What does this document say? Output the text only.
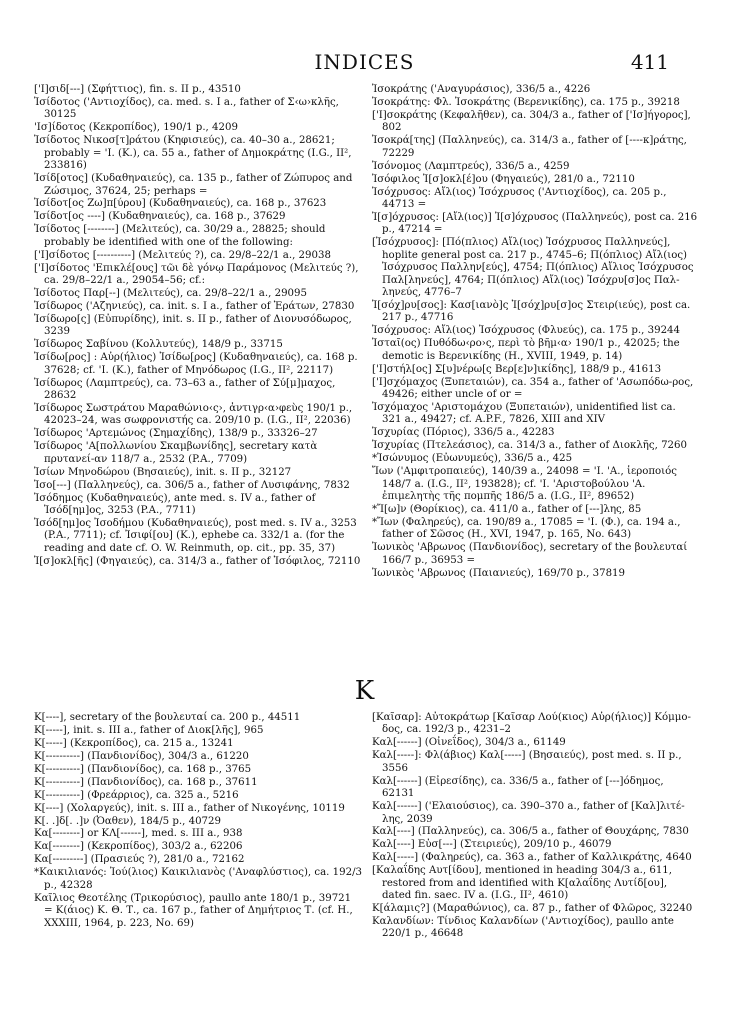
INDICES	411
['Ι]σιδ[---] (Σφήττιος), fin. s. II p., 43510
Ἰσίδοτος ('Αντιοχίδος), ca. med. s. I a., father of Σ‹ω›κλῆς, 30125
'Ισ]ίδοτος (Κεκροπίδος), 190/1 p., 4209
Ἰσίδοτος Νικοσ[τ]ράτου (Κηφισιεύς), ca. 40–30 a., 28621; probably = 'Ι. (Κ.), ca. 55 a., father of Δημοκράτης (I.G., II², 233816)
Ἰσίδ[οτος] (Κυδαθηναιεύς), ca. 135 p., father of Ζώπυρος and Ζώσιμος, 37624, 25; perhaps =
Ἰσίδοτ[ος Ζω]π[ύρου] (Κυδαθηναιεύς), ca. 168 p., 37623
Ἰσίδοτ[ος ----] (Κυδαθηναιεύς), ca. 168 p., 37629
Ἰσίδοτος [--------] (Μελιτεύς), ca. 30/29 a., 28825; should probably be identified with one of the following:
['Ι]σίδοτος [----------] (Μελιτεύς ?), ca. 29/8–22/1 a., 29038
['Ι]σίδοτος 'Επικλέ[ους] τῶι δὲ γόνῳ Παράμονος (Μελιτεύς ?), ca. 29/8–22/1 a., 29054–56; cf.:
Ἰσίδοτος Παρ[--] (Μελιτεύς), ca. 29/8–22/1 a., 29095
Ἰσίδωρος ('Αζηνιεύς), ca. init. s. I a., father of Ἐράτων, 27830
Ἰσίδωρο[ς] (Εὐπυρίδης), init. s. II p., father of Διονυσόδωρος, 3239
Ἰσίδωρος Σαβίνου (Κολλυτεύς), 148/9 p., 33715
Ἰσίδω[ρος] : Αὐρ(ήλιος) Ἰσίδω[ρος] (Κυδαθηναιεύς), ca. 168 p. 37628; cf. 'Ι. (Κ.), father of Μηνόδωρος (I.G., II², 22117)
Ἰσίδωρος (Λαμπτρεύς), ca. 73–63 a., father of Σύ[μ]μαχος, 28632
Ἰσίδωρος Σωστράτου Μαραθώνιο‹ς›, ἀντιγρ‹α›φεὺς 190/1 p., 42023–24, was σωφρονιστής ca. 209/10 p. (I.G., II², 22036)
Ἰσίδωρος 'Αρτεμώνος (Σημαχίδης), 138/9 p., 33326–27
Ἰσίδωρος 'Α[πολλωνίου Σκαμβωνίδης], secretary κατὰ πρυτανεί-αν 118/7 a., 2532 (P.A., 7709)
Ἰσίων Μηνοδώρου (Βησαιεύς), init. s. II p., 32127
Ἰσο[---] (Παλληνεύς), ca. 306/5 a., father of Λυσιφάνης, 7832
Ἰσόδημος (Κυδαθηναιεύς), ante med. s. IV a., father of Ἰσόδ[ημ]ος, 3253 (P.A., 7711)
Ἰσόδ[ημ]ος Ἰσοδήμου (Κυδαθηναιεύς), post med. s. IV a., 3253 (P.A., 7711); cf. Ἰσιφί[ου] (Κ.), ephebe ca. 332/1 a. (for the reading and date cf. O. W. Reinmuth, op. cit., pp. 35, 37)
Ἰ[σ]οκλ[ῆς] (Φηγαιεύς), ca. 314/3 a., father of Ἰσόφιλος, 72110
Ἰσοκράτης ('Αναγυράσιος), 336/5 a., 4226
Ἰσοκράτης: Φλ. Ἰσοκράτης (Βερενικίδης), ca. 175 p., 39218
['Ι]σοκράτης (Κεφαλῆθεν), ca. 304/3 a., father of ['Ισ]ήγορος], 802
Ἰσοκρά[της] (Παλληνεύς), ca. 314/3 a., father of [----κ]ράτης, 72229
Ἰσόνομος (Λαμπτρεύς), 336/5 a., 4259
Ἰσόφιλος Ἰ[σ]οκλ[έ]ου (Φηγαιεύς), 281/0 a., 72110
Ἰσόχρυσος: Αἴλ(ιος) Ἰσόχρυσος ('Αντιοχίδος), ca. 205 p., 44713 =
Ἰ[σ]όχρυσος: [Αἴλ(ιος)] Ἰ[σ]όχρυσος (Παλληνεύς), post ca. 216 p., 47214 =
[Ἰσόχρυσος]: [Πό(πλιος) Αἴλ(ιος) Ἰσόχρυσος Παλληνεύς], hoplite general post ca. 217 p., 4745–6; Π(όπλιος) Αἴλ(ιος) Ἰσόχρυσος Παλλην[εύς], 4754; Π(όπλιος) Αἴλιος Ἰσόχρυσος Παλ[ληνεύς], 4764; Π(όπλιος) Αἴλ(ιος) Ἰσόχρυ[σ]ος Παλ-ληνεύς, 4776–7
Ἰ[σόχ]ρυ[σος]: Κασ[ιανὸ]ς Ἰ[σόχ]ρυ[σ]ος Στειρ(ιεύς), post ca. 217 p., 47716
Ἰσόχρυσος: Αἴλ(ιος) Ἰσόχρυσος (Φλυεύς), ca. 175 p., 39244
Ἰσταῖ(ος) Πυθόδω‹ρο›ς, περὶ τὸ βῆμ‹α› 190/1 p., 42025; the demotic is Βερενικίδης (H., XVIII, 1949, p. 14)
['Ι]στήλ[ος] Σ[υ]νέρω[ς Βερ[ε]ν]ικίδης], 188/9 p., 41613
['Ι]σχόμαχος (Ξυπεταιών), ca. 354 a., father of 'Ασωπόδω-ρος, 49426; either uncle of or =
Ἰσχόμαχος 'Αριστομάχου (Ξυπεταιών), unidentified list ca. 321 a., 49427; cf. A.P.F., 7826, XIII and XIV
Ἰσχυρίας (Πόριος), 336/5 a., 42283
Ἰσχυρίας (Πτελεάσιος), ca. 314/3 a., father of Διοκλῆς, 7260
*Ἰσώνυμος (Εὐωνυμεύς), 336/5 a., 425
Ἴων ('Αμφιτροπαιεύς), 140/39 a., 24098 = 'Ι. 'Α., ἱεροποιός 148/7 a. (I.G., II², 193828); cf. 'Ι. 'Αριστοβούλου 'Α. ἐπιμελητὴς τῆς πομπῆς 186/5 a. (I.G., II², 89652)
*Ἴ[ω]ν (Θορίκιος), ca. 411/0 a., father of [---]λης, 85
*Ἴων (Φαληρεύς), ca. 190/89 a., 17085 = 'Ι. (Φ.), ca. 194 a., father of Σῶσος (H., XVI, 1947, p. 165, No. 643)
Ἰωνικὸς 'Αβρωνος (Πανδιονίδος), secretary of the βουλευταί 166/7 p., 36953 =
Ἰωνικὸς 'Αβρωνος (Παιανιεύς), 169/70 p., 37819
K
Κ[----], secretary of the βουλευταί ca. 200 p., 44511
Κ[-----], init. s. III a., father of Διοκ[λῆς], 965
Κ[-----] (Κεκροπίδος), ca. 215 a., 13241
Κ[----------] (Πανδιονίδος), 304/3 a., 61220
Κ[----------] (Πανδιονίδος), ca. 168 p., 3765
Κ[----------] (Πανδιονίδος), ca. 168 p., 37611
Κ[----------] (Φρεάρριος), ca. 325 a., 5216
Κ[----] (Χολαργεύς), init. s. III a., father of Νικογένης, 10119
Κ[. .]δ[. .]ν (Ὀαθεν), 184/5 p., 40729
Κα[--------] or ΚΛ[------], med. s. III a., 938
Κα[--------] (Κεκροπίδος), 303/2 a., 62206
Κα[---------] (Πρασιεύς ?), 281/0 a., 72162
*Καικιλιανός: Ἰού(λιος) Καικιλιανὸς ('Αναφλύστιος), ca. 192/3 p., 42328
Καῖλιος Θεοτέλης (Τρικορύσιος), paullo ante 180/1 p., 39721 = Κ(άιος) Κ. Θ. Τ., ca. 167 p., father of Δημήτριος Τ. (cf. H., XXXIII, 1964, p. 223, No. 69)
[Καῖσαρ]: Αὐτοκράτωρ [Καῖσαρ Λού(κιος) Αὐρ(ήλιος)] Κόμμο-δος, ca. 192/3 p., 4231–2
Καλ[------] (Οἰνεΐδος), 304/3 a., 61149
Καλ[-----]: Φλ(άβιος) Καλ[-----] (Βησαιεύς), post med. s. II p., 3556
Καλ[------] (Εἰρεσίδης), ca. 336/5 a., father of [---]όδημος, 62131
Καλ[------] ('Ελαιούσιος), ca. 390–370 a., father of [Καλ]λιτέ-λης, 2039
Καλ[----] (Παλληνεύς), ca. 306/5 a., father of Θουχάρης, 7830
Καλ[----] Εὐσ[---] (Στειριεύς), 209/10 p., 46079
Καλ[-----] (Φαληρεύς), ca. 363 a., father of Καλλικράτης, 4640
[Καλαΐδης Αυτ[ίδου], mentioned in heading 304/3 a., 611, restored from and identified with Κ[αλαΐδης Λυτίδ[ου], dated fin. saec. IV a. (I.G., II², 4610)
Κ[άλαμις?] (Μαραθώνιος), ca. 87 p., father of Φλῶρος, 32240
Καλανδίων: Τίνδιος Καλανδίων ('Αντιοχίδος), paullo ante 220/1 p., 46648
